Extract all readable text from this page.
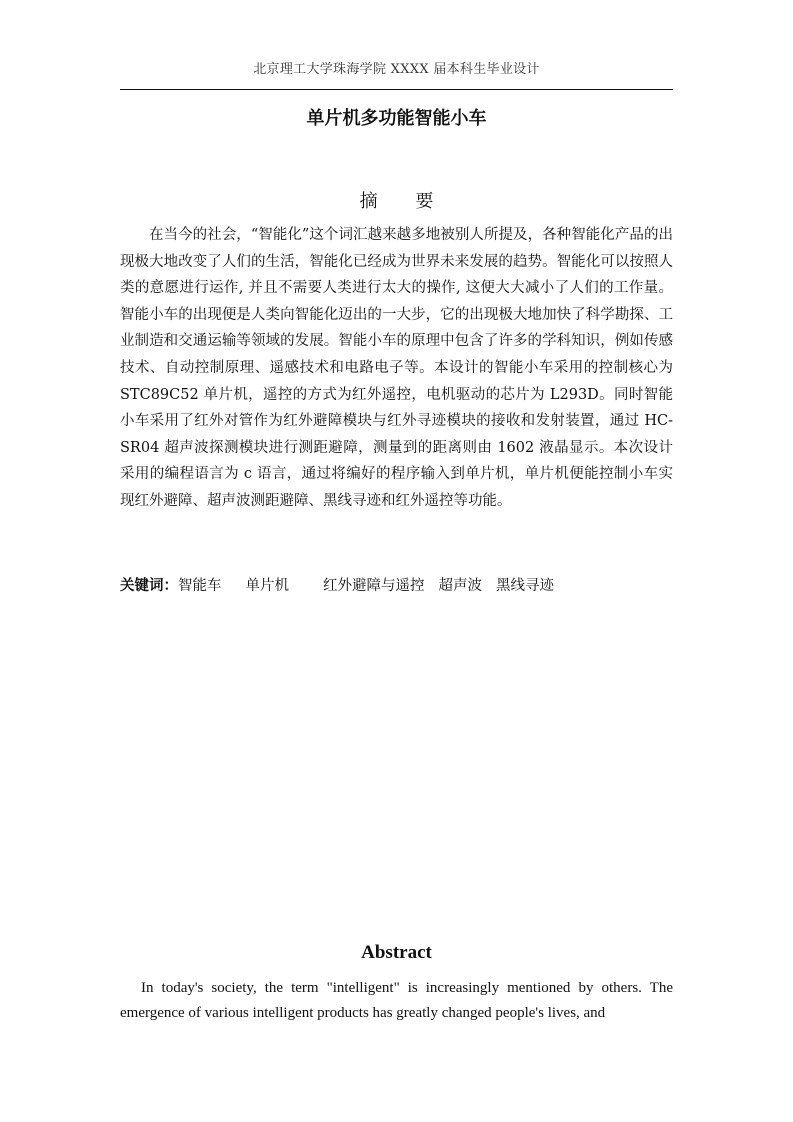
北京理工大学珠海学院 XXXX 届本科生毕业设计
单片机多功能智能小车
摘 要

在当今的社会，“智能化”这个词汇越来越多地被别人所提及，各种智能化产品的出现极大地改变了人们的生活，智能化已经成为世界未来发展的趋势。智能化可以按照人类的意愿进行运作, 并且不需要人类进行太大的操作, 这便大大减小了人们的工作量。智能小车的出现便是人类向智能化迈出的一大步，它的出现极大地加快了科学勘探、工业制造和交通运输等领域的发展。智能小车的原理中包含了许多的学科知识，例如传感技术、自动控制原理、遥感技术和电路电子等。本设计的智能小车采用的控制核心为 STC89C52 单片机，遥控的方式为红外遥控，电机驱动的芯片为 L293D。同时智能小车采用了红外对管作为红外避障模块与红外寻迹模块的接收和发射装置，通过 HC-SR04 超声波探测模块进行测距避障，测量到的距离则由 1602 液晶显示。本次设计采用的编程语言为 c 语言，通过将编好的程序输入到单片机，单片机便能控制小车实现红外避障、超声波测距避障、黑线寻迹和红外遥控等功能。

关键词：智能车 单片机 红外避障与遥控 超声波 黑线寻迹
Abstract

In today's society, the term "intelligent" is increasingly mentioned by others. The emergence of various intelligent products has greatly changed people's lives, and
